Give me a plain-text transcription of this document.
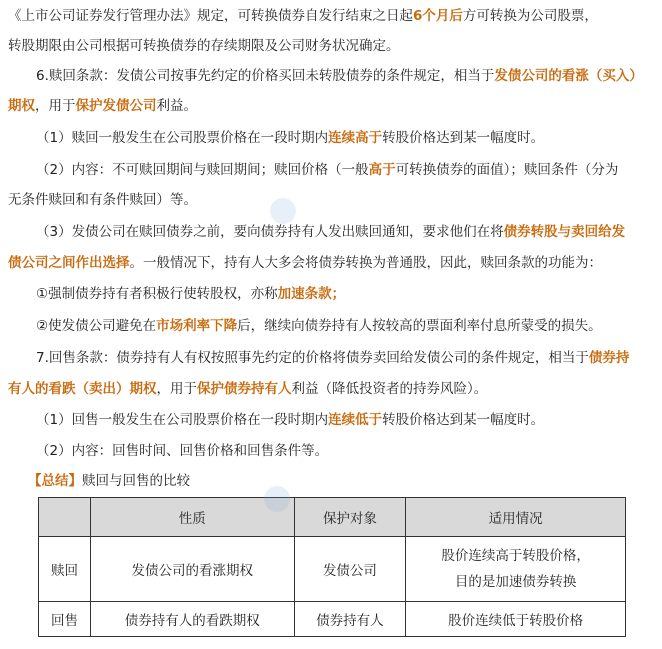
《上市公司证券发行管理办法》规定，可转换债券自发行结束之日起6个月后方可转换为公司股票，
转股期限由公司根据可转换债券的存续期限及公司财务状况确定。
6.赎回条款：发债公司按事先约定的价格买回未转股债券的条件规定，相当于发债公司的看涨（买入）
期权，用于保护发债公司利益。
（1）赎回一般发生在公司股票价格在一段时期内连续高于转股价格达到某一幅度时。
（2）内容：不可赎回期间与赎回期间；赎回价格（一般高于可转换债券的面值）；赎回条件（分为
无条件赎回和有条件赎回）等。
（3）发债公司在赎回债券之前，要向债券持有人发出赎回通知，要求他们在将债券转股与卖回给发
债公司之间作出选择。一般情况下，持有人大多会将债券转换为普通股，因此，赎回条款的功能为：
①强制债券持有者积极行使转股权，亦称加速条款；
②使发债公司避免在市场利率下降后，继续向债券持有人按较高的票面利率付息所蒙受的损失。
7.回售条款：债券持有人有权按照事先约定的价格将债券卖回给发债公司的条件规定，相当于债券持
有人的看跌（卖出）期权，用于保护债券持有人利益（降低投资者的持券风险）。
（1）回售一般发生在公司股票价格在一段时期内连续低于转股价格达到某一幅度时。
（2）内容：回售时间、回售价格和回售条件等。
【总结】赎回与回售的比较
	性质	保护对象	适用情况
赎回	发债公司的看涨期权	发债公司	股价连续高于转股价格，
目的是加速债券转换

回售	债券持有人的看跌期权	债券持有人	股价连续低于转股价格
